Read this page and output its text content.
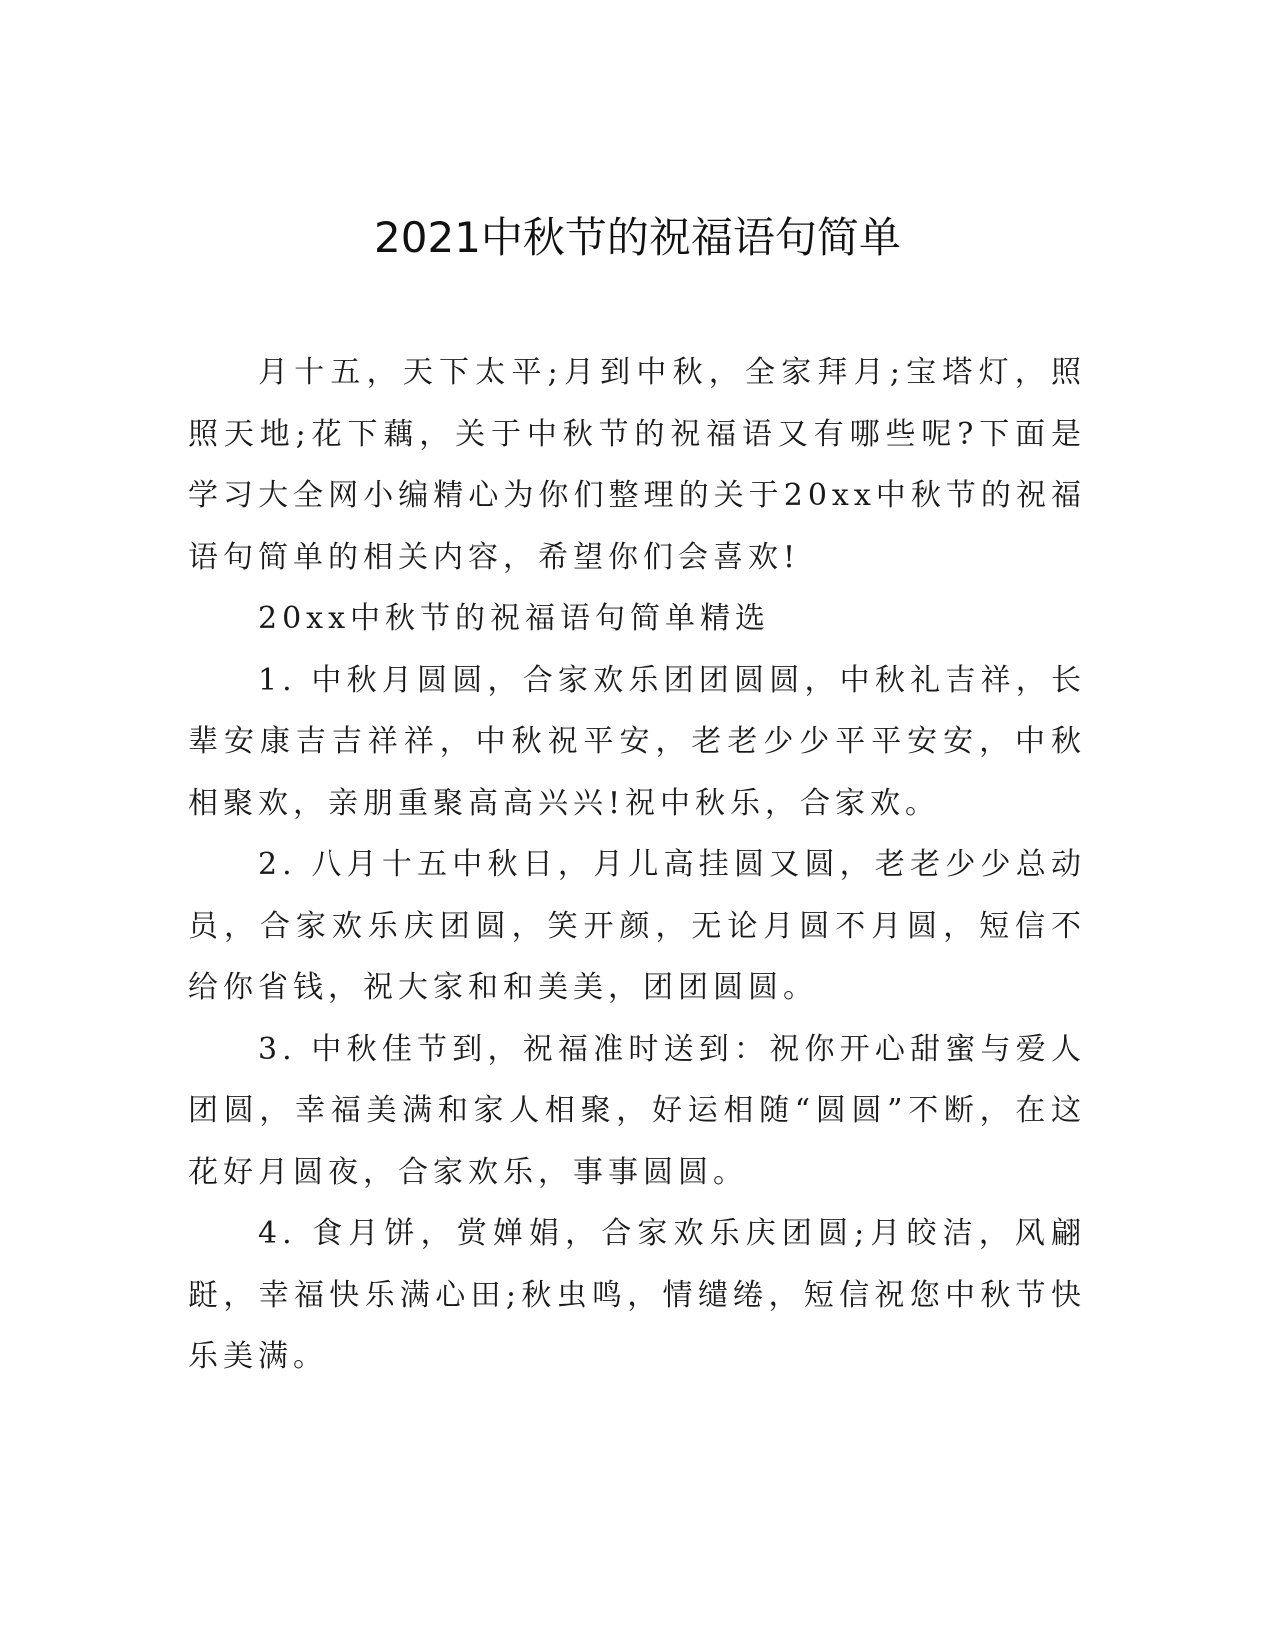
2021中秋节的祝福语句简单

月十五，天下太平;月到中秋，全家拜月;宝塔灯，照照天地;花下藕，关于中秋节的祝福语又有哪些呢?下面是学习大全网小编精心为你们整理的关于20xx中秋节的祝福语句简单的相关内容，希望你们会喜欢!

20xx中秋节的祝福语句简单精选

1. 中秋月圆圆，合家欢乐团团圆圆，中秋礼吉祥，长辈安康吉吉祥祥，中秋祝平安，老老少少平平安安，中秋相聚欢，亲朋重聚高高兴兴!祝中秋乐，合家欢。

2. 八月十五中秋日，月儿高挂圆又圆，老老少少总动员，合家欢乐庆团圆，笑开颜，无论月圆不月圆，短信不给你省钱，祝大家和和美美，团团圆圆。

3. 中秋佳节到，祝福准时送到：祝你开心甜蜜与爱人团圆，幸福美满和家人相聚，好运相随“圆圆”不断，在这花好月圆夜，合家欢乐，事事圆圆。

4. 食月饼，赏婵娟，合家欢乐庆团圆;月皎洁，风翩跹，幸福快乐满心田;秋虫鸣，情缱绻，短信祝您中秋节快乐美满。
